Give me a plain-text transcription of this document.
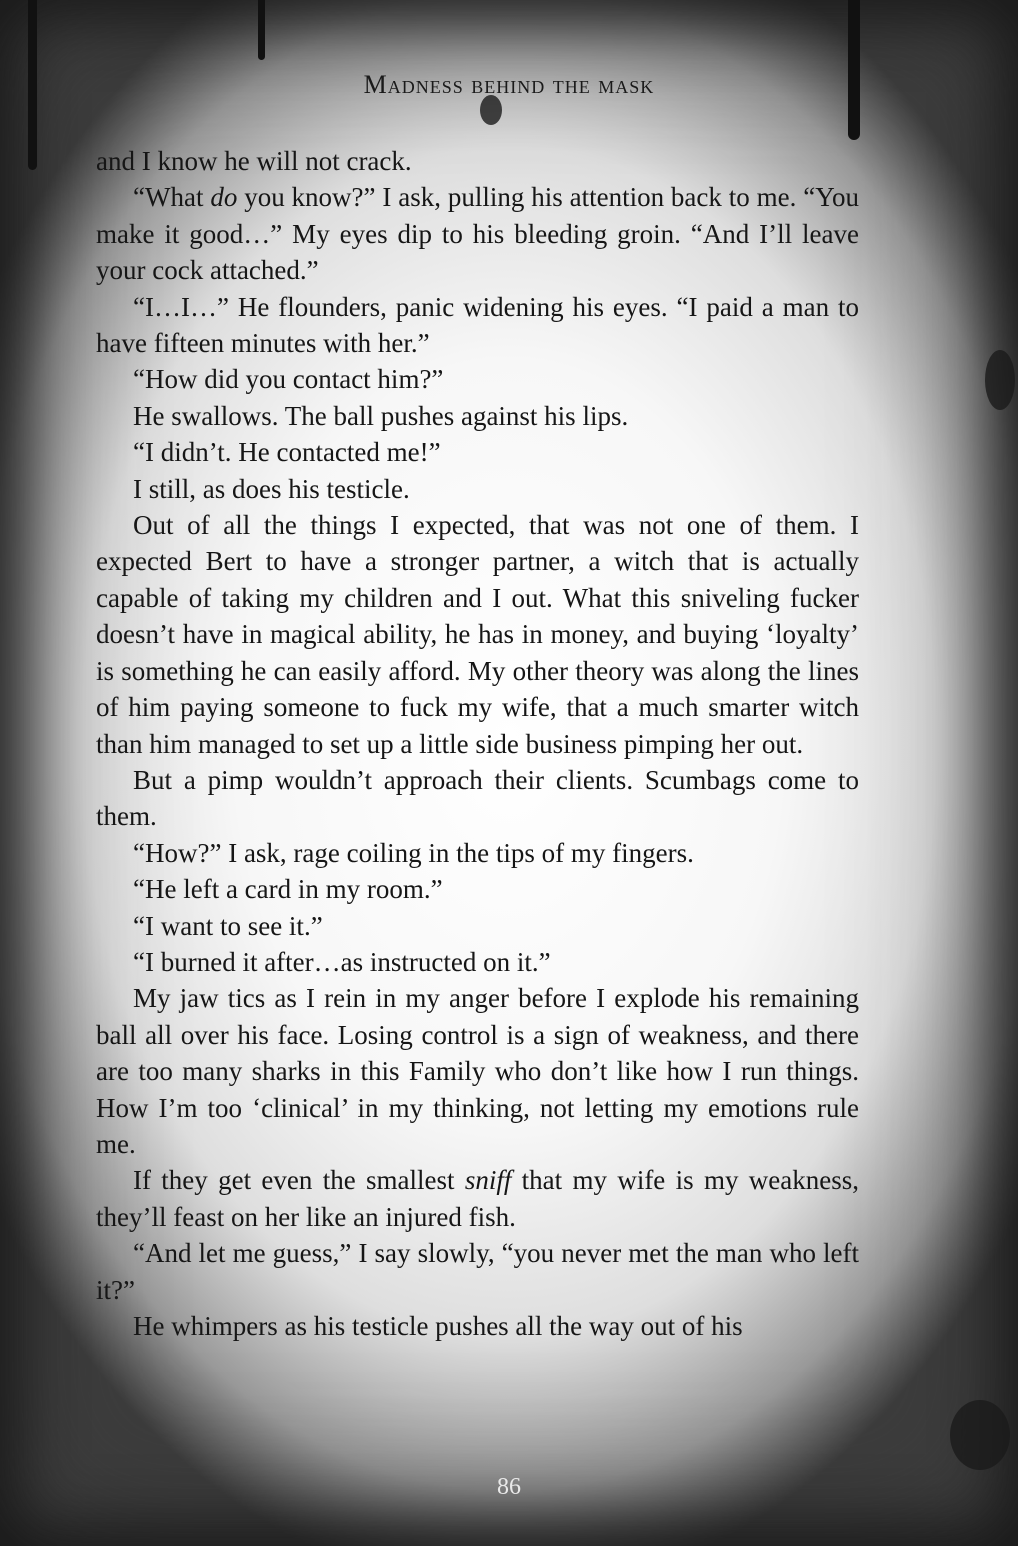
Madness behind the mask

and I know he will not crack.

“What do you know?” I ask, pulling his attention back to me. “You make it good…” My eyes dip to his bleeding groin. “And I’ll leave your cock attached.”

“I…I…” He flounders, panic widening his eyes. “I paid a man to have fifteen minutes with her.”

“How did you contact him?”

He swallows. The ball pushes against his lips.

“I didn’t. He contacted me!”

I still, as does his testicle.

Out of all the things I expected, that was not one of them. I expected Bert to have a stronger partner, a witch that is actually capable of taking my children and I out. What this sniveling fucker doesn’t have in magical ability, he has in money, and buying ‘loyalty’ is something he can easily afford. My other theory was along the lines of him paying someone to fuck my wife, that a much smarter witch than him managed to set up a little side business pimping her out.

But a pimp wouldn’t approach their clients. Scumbags come to them.

“How?” I ask, rage coiling in the tips of my fingers.

“He left a card in my room.”

“I want to see it.”

“I burned it after…as instructed on it.”

My jaw tics as I rein in my anger before I explode his remaining ball all over his face. Losing control is a sign of weakness, and there are too many sharks in this Family who don’t like how I run things. How I’m too ‘clinical’ in my thinking, not letting my emotions rule me.

If they get even the smallest sniff that my wife is my weakness, they’ll feast on her like an injured fish.

“And let me guess,” I say slowly, “you never met the man who left it?”

He whimpers as his testicle pushes all the way out of his

86
